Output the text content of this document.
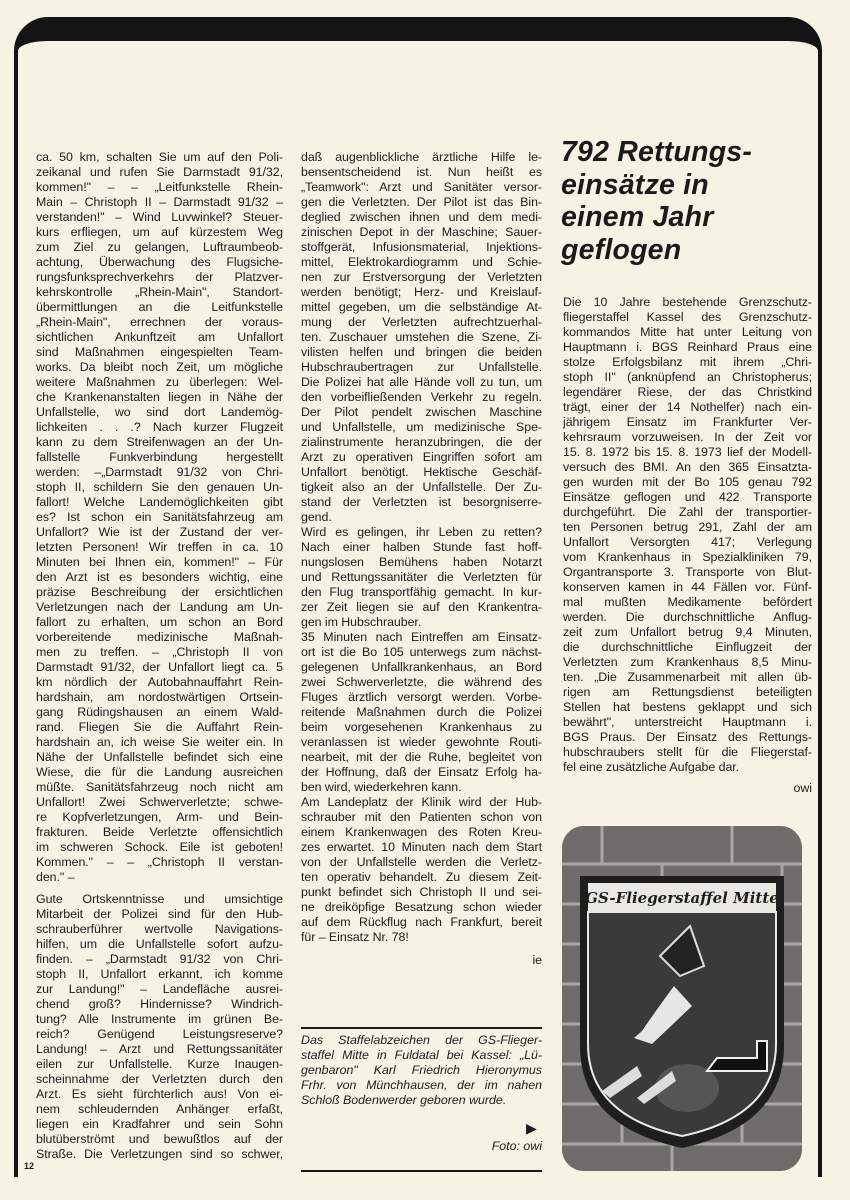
792 Rettungs-
einsätze in
einem Jahr
geflogen
ca. 50 km, schalten Sie um auf den Poli-
zeikanal und rufen Sie Darmstadt 91/32,
kommen!" – – „Leitfunkstelle Rhein-
Main – Christoph II – Darmstadt 91/32 –
verstanden!" – Wind Luvwinkel? Steuer-
kurs erfliegen, um auf kürzestem Weg
zum Ziel zu gelangen, Luftraumbeob-
achtung, Überwachung des Flugsiche-
rungsfunksprechverkehrs der Platzver-
kehrskontrolle „Rhein-Main", Standort-
übermittlungen an die Leitfunkstelle
„Rhein-Main", errechnen der voraus-
sichtlichen Ankunftzeit am Unfallort
sind Maßnahmen eingespielten Team-
works. Da bleibt noch Zeit, um mögliche
weitere Maßnahmen zu überlegen: Wel-
che Krankenanstalten liegen in Nähe der
Unfallstelle, wo sind dort Landemög-
lichkeiten . . .? Nach kurzer Flugzeit
kann zu dem Streifenwagen an der Un-
fallstelle Funkverbindung hergestellt
werden: –„Darmstadt 91/32 von Chri-
stoph II, schildern Sie den genauen Un-
fallort! Welche Landemöglichkeiten gibt
es? Ist schon ein Sanitätsfahrzeug am
Unfallort? Wie ist der Zustand der ver-
letzten Personen! Wir treffen in ca. 10
Minuten bei Ihnen ein, kommen!" – Für
den Arzt ist es besonders wichtig, eine
präzise Beschreibung der ersichtlichen
Verletzungen nach der Landung am Un-
fallort zu erhalten, um schon an Bord
vorbereitende medizinische Maßnah-
men zu treffen. – „Christoph II von
Darmstadt 91/32, der Unfallort liegt ca. 5
km nördlich der Autobahnauffahrt Rein-
hardshain, am nordostwärtigen Ortsein-
gang Rüdingshausen an einem Wald-
rand. Fliegen Sie die Auffahrt Rein-
hardshain an, ich weise Sie weiter ein. In
Nähe der Unfallstelle befindet sich eine
Wiese, die für die Landung ausreichen
müßte. Sanitätsfahrzeug noch nicht am
Unfallort! Zwei Schwerverletzte; schwe-
re Kopfverletzungen, Arm- und Bein-
frakturen. Beide Verletzte offensichtlich
im schweren Schock. Eile ist geboten!
Kommen." – – „Christoph II verstan-
den." –
Gute Ortskenntnisse und umsichtige
Mitarbeit der Polizei sind für den Hub-
schrauberführer wertvolle Navigations-
hilfen, um die Unfallstelle sofort aufzu-
finden. – „Darmstadt 91/32 von Chri-
stoph II, Unfallort erkannt, ich komme
zur Landung!" – Landefläche ausrei-
chend groß? Hindernisse? Windrich-
tung? Alle Instrumente im grünen Be-
reich? Genügend Leistungsreserve?
Landung! – Arzt und Rettungssanitäter
eilen zur Unfallstelle. Kurze Inaugen-
scheinnahme der Verletzten durch den
Arzt. Es sieht fürchterlich aus! Von ei-
nem schleudernden Anhänger erfaßt,
liegen ein Kradfahrer und sein Sohn
blutüberströmt und bewußtlos auf der
Straße. Die Verletzungen sind so schwer,
daß augenblickliche ärztliche Hilfe le-
bensentscheidend ist. Nun heißt es
„Teamwork": Arzt und Sanitäter versor-
gen die Verletzten. Der Pilot ist das Bin-
deglied zwischen ihnen und dem medi-
zinischen Depot in der Maschine; Sauer-
stoffgerät, Infusionsmaterial, Injektions-
mittel, Elektrokardiogramm und Schie-
nen zur Erstversorgung der Verletzten
werden benötigt; Herz- und Kreislauf-
mittel gegeben, um die selbständige At-
mung der Verletzten aufrechtzuerhal-
ten. Zuschauer umstehen die Szene, Zi-
vilisten helfen und bringen die beiden
Hubschraubertragen zur Unfallstelle.
Die Polizei hat alle Hände voll zu tun, um
den vorbeifließenden Verkehr zu regeln.
Der Pilot pendelt zwischen Maschine
und Unfallstelle, um medizinische Spe-
zialinstrumente heranzubringen, die der
Arzt zu operativen Eingriffen sofort am
Unfallort benötigt. Hektische Geschäf-
tigkeit also an der Unfallstelle. Der Zu-
stand der Verletzten ist besorgniserre-
gend.
Wird es gelingen, ihr Leben zu retten?
Nach einer halben Stunde fast hoff-
nungslosen Bemühens haben Notarzt
und Rettungssanitäter die Verletzten für
den Flug transportfähig gemacht. In kur-
zer Zeit liegen sie auf den Krankentra-
gen im Hubschrauber.
35 Minuten nach Eintreffen am Einsatz-
ort ist die Bo 105 unterwegs zum nächst-
gelegenen Unfallkrankenhaus, an Bord
zwei Schwerverletzte, die während des
Fluges ärztlich versorgt werden. Vorbe-
reitende Maßnahmen durch die Polizei
beim vorgesehenen Krankenhaus zu
veranlassen ist wieder gewohnte Routi-
nearbeit, mit der die Ruhe, begleitet von
der Hoffnung, daß der Einsatz Erfolg ha-
ben wird, wiederkehren kann.
Am Landeplatz der Klinik wird der Hub-
schrauber mit den Patienten schon von
einem Krankenwagen des Roten Kreu-
zes erwartet. 10 Minuten nach dem Start
von der Unfallstelle werden die Verletz-
ten operativ behandelt. Zu diesem Zeit-
punkt befindet sich Christoph II und sei-
ne dreiköpfige Besatzung schon wieder
auf dem Rückflug nach Frankfurt, bereit
für – Einsatz Nr. 78!
ie
Die 10 Jahre bestehende Grenzschutz-
fliegerstaffel Kassel des Grenzschutz-
kommandos Mitte hat unter Leitung von
Hauptmann i. BGS Reinhard Praus eine
stolze Erfolgsbilanz mit ihrem „Chri-
stoph II" (anknüpfend an Christopherus;
legendärer Riese, der das Christkind
trägt, einer der 14 Nothelfer) nach ein-
jährigem Einsatz im Frankfurter Ver-
kehrsraum vorzuweisen. In der Zeit vor
15. 8. 1972 bis 15. 8. 1973 lief der Modell-
versuch des BMI. An den 365 Einsatzta-
gen wurden mit der Bo 105 genau 792
Einsätze geflogen und 422 Transporte
durchgeführt. Die Zahl der transportier-
ten Personen betrug 291, Zahl der am
Unfallort Versorgten 417; Verlegung
vom Krankenhaus in Spezialkliniken 79,
Organtransporte 3. Transporte von Blut-
konserven kamen in 44 Fällen vor. Fünf-
mal mußten Medikamente befördert
werden. Die durchschnittliche Anflug-
zeit zum Unfallort betrug 9,4 Minuten,
die durchschnittliche Einflugzeit der
Verletzten zum Krankenhaus 8,5 Minu-
ten. „Die Zusammenarbeit mit allen üb-
rigen am Rettungsdienst beteiligten
Stellen hat bestens geklappt und sich
bewährt", unterstreicht Hauptmann i.
BGS Praus. Der Einsatz des Rettungs-
hubschraubers stellt für die Fliegerstaf-
fel eine zusätzliche Aufgabe dar.
owi
12
Das Staffelabzeichen der GS-Flieger-
staffel Mitte in Fuldatal bei Kassel: „Lü-
genbaron" Karl Friedrich Hieronymus
Frhr. von Münchhausen, der im nahen
Schloß Bodenwerder geboren wurde.
▶
Foto: owi
GS-Fliegerstaffel Mitte
